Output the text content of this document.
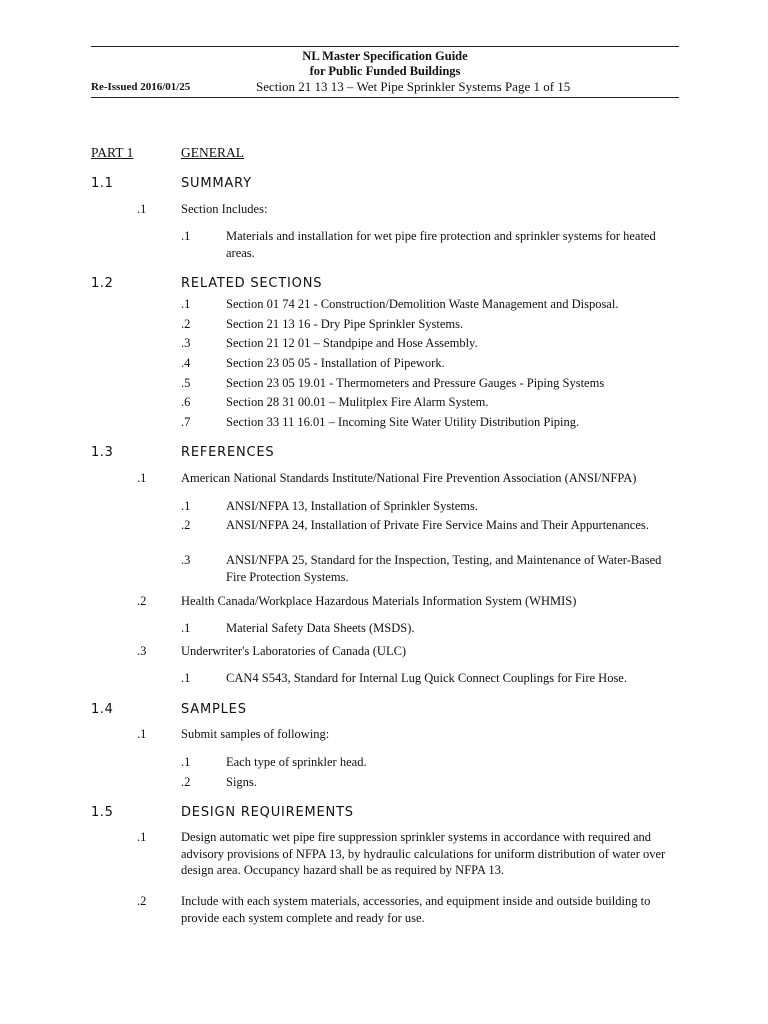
NL Master Specification Guide
for Public Funded Buildings
Re-Issued 2016/01/25	Section 21 13 13 – Wet Pipe Sprinkler Systems Page 1 of 15
PART 1	GENERAL
1.1	SUMMARY
.1	Section Includes:
.1	Materials and installation for wet pipe fire protection and sprinkler systems for heated areas.
1.2	RELATED SECTIONS
.1	Section 01 74 21 - Construction/Demolition Waste Management and Disposal.
.2	Section 21 13 16 - Dry Pipe Sprinkler Systems.
.3	Section 21 12 01 – Standpipe and Hose Assembly.
.4	Section 23 05 05 - Installation of Pipework.
.5	Section 23 05 19.01 - Thermometers and Pressure Gauges - Piping Systems
.6	Section 28 31 00.01 – Mulitplex Fire Alarm System.
.7	Section 33 11 16.01 – Incoming Site Water Utility Distribution Piping.
1.3	REFERENCES
.1	American National Standards Institute/National Fire Prevention Association (ANSI/NFPA)
.1	ANSI/NFPA 13, Installation of Sprinkler Systems.
.2	ANSI/NFPA 24, Installation of Private Fire Service Mains and Their Appurtenances.
.3	ANSI/NFPA 25, Standard for the Inspection, Testing, and Maintenance of Water-Based Fire Protection Systems.
.2	Health Canada/Workplace Hazardous Materials Information System (WHMIS)
.1	Material Safety Data Sheets (MSDS).
.3	Underwriter's Laboratories of Canada (ULC)
.1	CAN4 S543, Standard for Internal Lug Quick Connect Couplings for Fire Hose.
1.4	SAMPLES
.1	Submit samples of following:
.1	Each type of sprinkler head.
.2	Signs.
1.5	DESIGN REQUIREMENTS
.1	Design automatic wet pipe fire suppression sprinkler systems in accordance with required and advisory provisions of NFPA 13, by hydraulic calculations for uniform distribution of water over design area. Occupancy hazard shall be as required by NFPA 13.
.2	Include with each system materials, accessories, and equipment inside and outside building to provide each system complete and ready for use.
